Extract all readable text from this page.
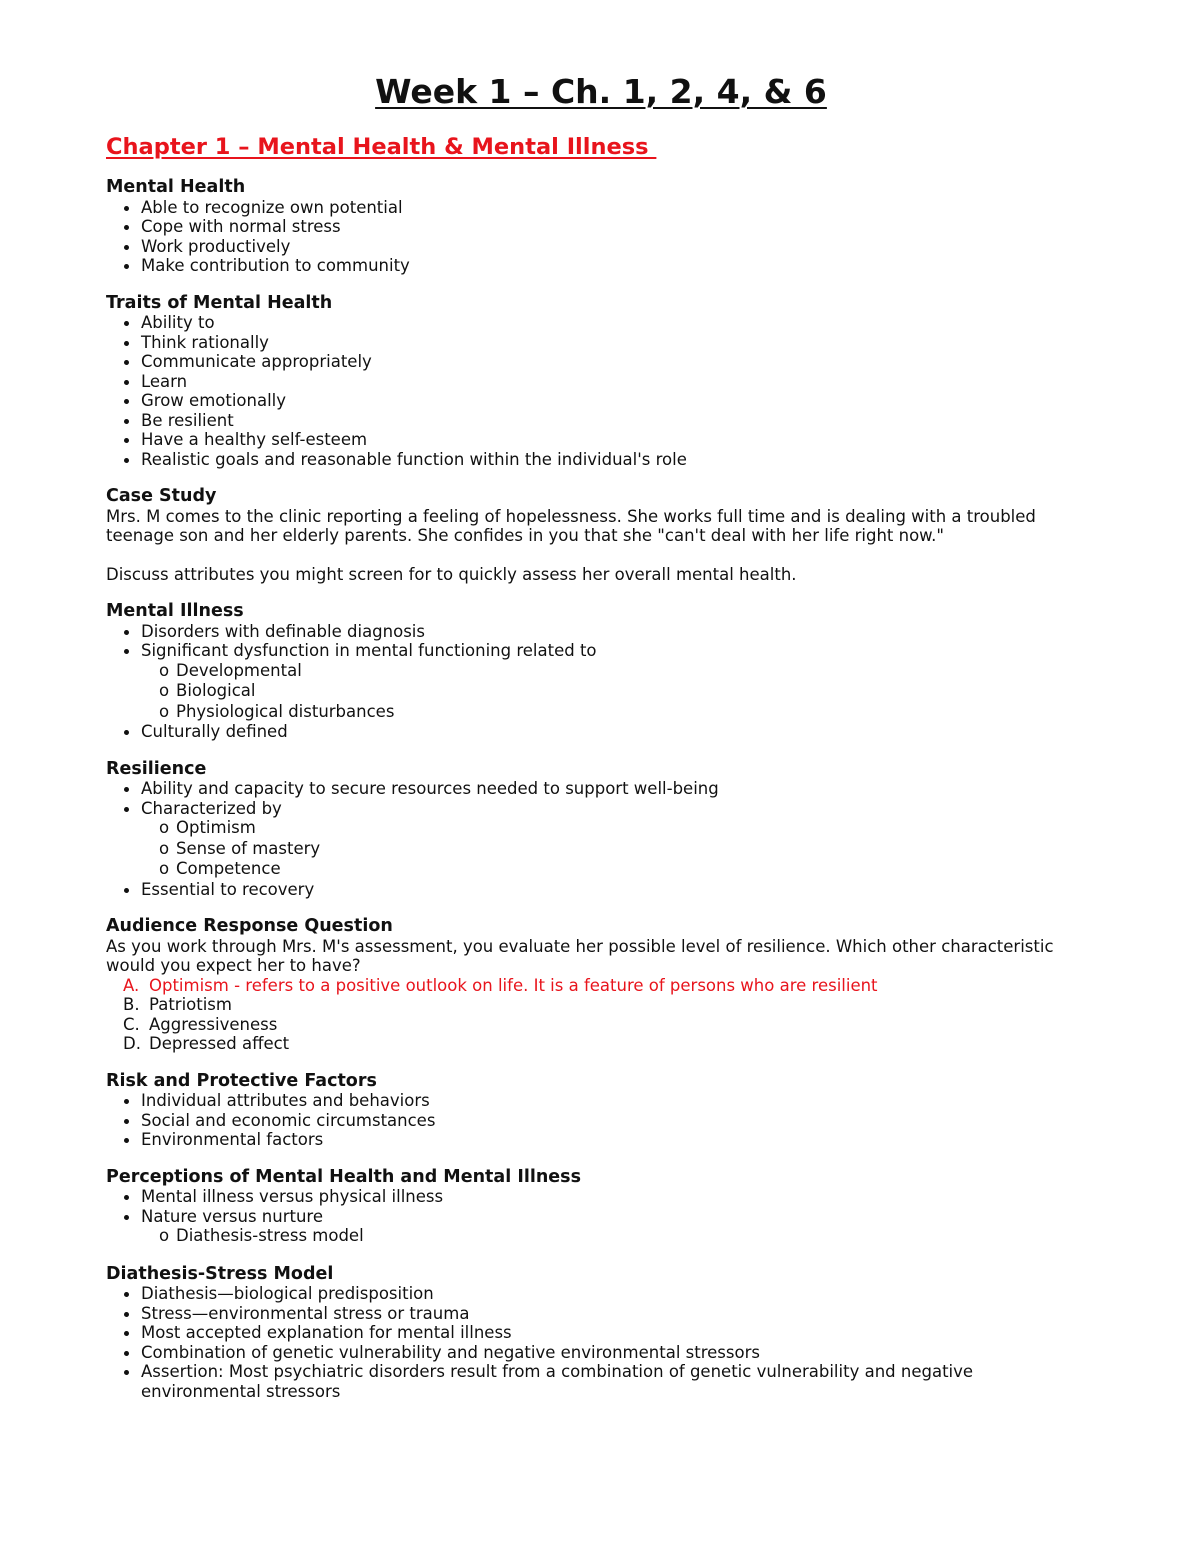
Week 1 – Ch. 1, 2, 4, & 6
Chapter 1 – Mental Health & Mental Illness
Mental Health
Able to recognize own potential
Cope with normal stress
Work productively
Make contribution to community
Traits of Mental Health
Ability to
Think rationally
Communicate appropriately
Learn
Grow emotionally
Be resilient
Have a healthy self-esteem
Realistic goals and reasonable function within the individual's role
Case Study

Mrs. M comes to the clinic reporting a feeling of hopelessness. She works full time and is dealing with a troubled teenage son and her elderly parents. She confides in you that she "can't deal with her life right now."

Discuss attributes you might screen for to quickly assess her overall mental health.

Mental Illness
Disorders with definable diagnosis
Significant dysfunction in mental functioning related to
o Developmental
o Biological
o Physiological disturbances
Culturally defined
Resilience
Ability and capacity to secure resources needed to support well-being
Characterized by
o Optimism
o Sense of mastery
o Competence
Essential to recovery
Audience Response Question

As you work through Mrs. M's assessment, you evaluate her possible level of resilience. Which other characteristic would you expect her to have?

A. Optimism - refers to a positive outlook on life. It is a feature of persons who are resilient
B. Patriotism
C. Aggressiveness
D. Depressed affect
Risk and Protective Factors
Individual attributes and behaviors
Social and economic circumstances
Environmental factors
Perceptions of Mental Health and Mental Illness
Mental illness versus physical illness
Nature versus nurture
o Diathesis-stress model
Diathesis-Stress Model
Diathesis—biological predisposition
Stress—environmental stress or trauma
Most accepted explanation for mental illness
Combination of genetic vulnerability and negative environmental stressors
Assertion: Most psychiatric disorders result from a combination of genetic vulnerability and negative environmental stressors
